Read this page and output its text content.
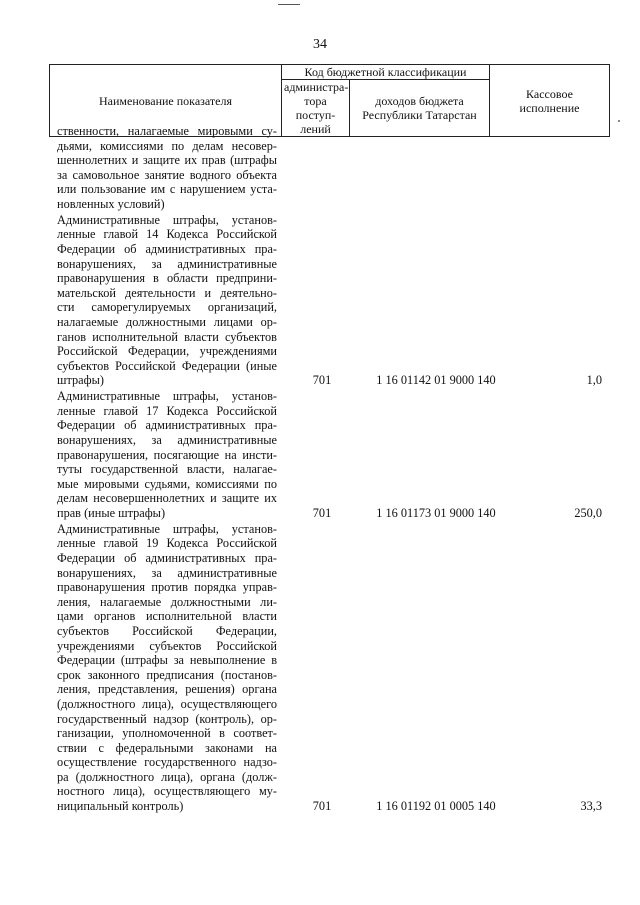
34
Наименование показателя	Код бюджетной классификации		Кассовое
исполнение

	администра-
тора поступ-
лений	доходов бюджета
Республики Татарстан	
ственности, налагаемые мировыми су-
дьями, комиссиями по делам несовер-
шеннолетних и защите их прав (штрафы
за самовольное занятие водного объекта
или пользование им с нарушением уста-
новленных условий)
Административные штрафы, установ-
ленные главой 14 Кодекса Российской
Федерации об административных пра-
вонарушениях, за административные
правонарушения в области предприни-
мательской деятельности и деятельно-
сти саморегулируемых организаций,
налагаемые должностными лицами ор-
ганов исполнительной власти субъектов
Российской Федерации, учреждениями
субъектов Российской Федерации (иные
штрафы)	701	1 16 01142 01 9000 140	1,0
Административные штрафы, установ-
ленные главой 17 Кодекса Российской
Федерации об административных пра-
вонарушениях, за административные
правонарушения, посягающие на инсти-
туты государственной власти, налагае-
мые мировыми судьями, комиссиями по
делам несовершеннолетних и защите их
прав (иные штрафы)	701	1 16 01173 01 9000 140	250,0
Административные штрафы, установ-
ленные главой 19 Кодекса Российской
Федерации об административных пра-
вонарушениях, за административные
правонарушения против порядка управ-
ления, налагаемые должностными ли-
цами органов исполнительной власти
субъектов Российской Федерации,
учреждениями субъектов Российской
Федерации (штрафы за невыполнение в
срок законного предписания (постанов-
ления, представления, решения) органа
(должностного лица), осуществляющего
государственный надзор (контроль), ор-
ганизации, уполномоченной в соответ-
ствии с федеральными законами на
осуществление государственного надзо-
ра (должностного лица), органа (долж-
ностного лица), осуществляющего му-
ниципальный контроль)	701	1 16 01192 01 0005 140	33,3
